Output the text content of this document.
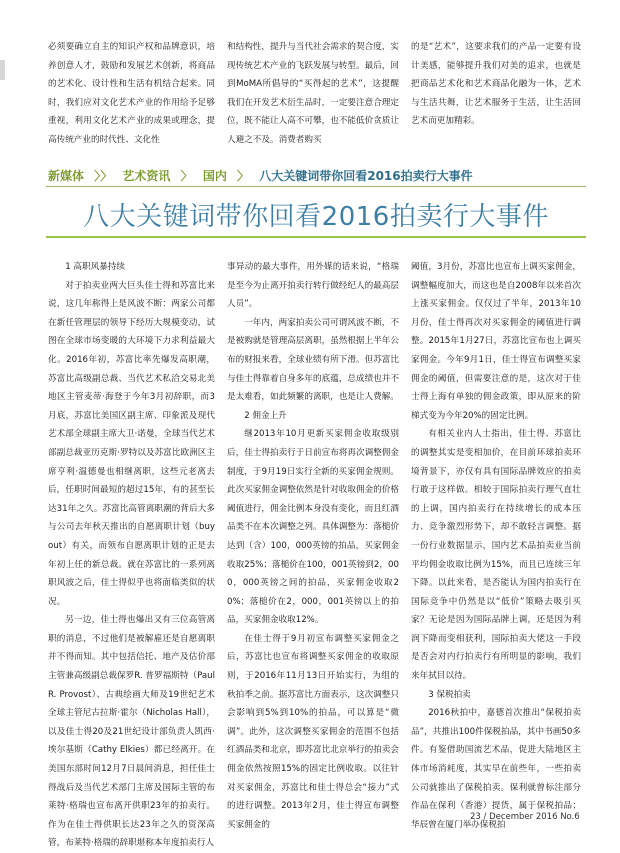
必须要确立自主的知识产权和品牌意识，培养创意人才，鼓励和发展艺术创新，将商品的艺术化、设计性和生活有机结合起来。同时，我们应对文化艺术产业的作用给予足够重视，利用文化艺术产业的成果或理念，提高传统产业的时代性、文化性

和结构性，提升与当代社会需求的契合度，实现传统艺术产业的飞跃发展与转型。最后，回到MoMA所倡导的“买得起的艺术”，这提醒我们在开发艺术衍生品时，一定要注意合理定位，既不能让人高不可攀，也不能低价贪质让人避之不及。消费者购买

的是“艺术”，这要求我们的产品一定要有设计美感，能够提升我们对美的追求，也就是把商品艺术化和艺术商品化融为一体，艺术与生活共舞，让艺术服务于生活，让生活回艺术而更加精彩。

新媒体 〉〉 艺术资讯 〉 国内 〉 八大关键词带你回看2016拍卖行大事件
八大关键词带你回看2016拍卖行大事件
1 高职风暴持续

对于拍卖业两大巨头佳士得和苏富比来说，这几年称得上是风波不断：两家公司都在新任管理层的领导下经历大规模变动，试图在全球市场变暖的大环境下力求利益最大化。2016年初，苏富比率先爆发高职潮，苏富比高级副总裁、当代艺术私洽交易北美地区主管麦蒂·海登于今年3月初辞职，而3月底，苏富比美国区副主席、印象派及现代艺术部全球副主席大卫·诺曼，全球当代艺术部副总裁亚历克斯·罗特以及苏富比欧洲区主席亨利·温德曼也相继离职，这些元老离去后，任职时间最短的超过15年，有的甚至长达31年之久。苏富比高管离职潮的背后大多与公司去年秋天推出的自愿离职计划（buyout）有关，而领布自愿离职计划的正是去年初上任的新总裁。就在苏富比的一系列离职风波之后，佳士得似乎也将面临类似的状况。

另一边，佳士得也爆出又有三位高管离职的消息，不过他们是被解雇还是自愿离职并不得而知。其中包括信托、地产及估价部主管兼高级副总裁保罗R. 普罗福斯特（Paul R. Provost）、古典绘画大师及19世纪艺术全球主管尼古拉斯·霍尔（Nicholas Hall），以及佳士得20及21世纪设计部负责人凯西·埃尔基斯（Cathy Elkies）都已经离开。在美国东部时间12月7日晨间消息，担任佳士得战后及当代艺术部门主席及国际主管的布莱特·格瑞也宣布离开供职23年的拍卖行。作为在佳士得供职长达23年之久的资深高管，布莱特·格瑞的辞职堪称本年度拍卖行人

事异动的最大事件，用外媒的话来说，“格瑞是至今为止离开拍卖行转行做经纪人的最高层人员”。

一年内，两家拍卖公司可谓风波不断，不是被购就是管理高层离职，虽然根据上半年公布的财报来看，全球业绩有所下滑。但苏富比与佳士得靠着自身多年的底蕴，总成绩也并不是太难看，如此频繁的离职，也是让人费解。

2 佣金上升

继2013年10月更新买家佣金收取级别后，佳士得拍卖行于日前宣布将再次调整佣金制度，于9月19日实行全新的买家佣金规则。此次买家佣金调整依然是针对收取佣金的价格阈值进行，佣金比例本身没有变化，而且红酒品类不在本次调整之列。具体调整为：落槌价达到（含）100，000英镑的拍品，买家佣金收取25%；落槌价在100，001英镑到2，000，000英镑之间的拍品，买家佣金收取20%；落槌价在2，000，001英镑以上的拍品，买家佣金收取12%。

在佳士得于9月初宣布调整买家佣金之后，苏富比也宣布将调整买家佣金的收取原则，于2016年11月13日开始实行，为组的秋拍季之前。据苏富比方面表示，这次调整只会影响到5%到10%的拍品，可以算是“微调”。此外，这次调整买家佣金的范围不包括红酒品类和北京，即苏富比北京举行的拍卖会佣金依然按照15%的固定比例收取。以往针对买家佣金，苏富比和佳士得总会“接力”式的进行调整。2013年2月，佳士得宣布调整买家佣金的

阈值，3月份，苏富比也宣布上调买家佣金，调整幅度加大，而这也是自2008年以来首次上涨买家佣金。仅仅过了半年，2013年10月份，佳士得再次对买家佣金的阈值进行调整。2015年1月27日，苏富比宣布也上调买家佣金。今年9月1日，佳士得宣布调整买家佣金的阈值，但需要注意的是，这次对于佳士得上海有单独的佣金政策，即从原来的阶梯式变为今年20%的固定比例。

有相关业内人士指出，佳士得、苏富比的调整其实是变相加价，在目前环球拍卖环境背景下，亦仅有具有国际品牌效应的拍卖行敢于这样做。相较于国际拍卖行理气直壮的上调，国内拍卖行在持续增长的成本压力、竞争激烈形势下，却不敢轻言调整。据一份行业数据显示，国内艺术品拍卖业当前平均佣金收取比例为15%，而且已连续三年下降。以此来看，是否能认为国内拍卖行在国际竞争中仍然是以“低价”策略去吸引买家？无论是因为国际品牌上调，还是因为利润下降而变相获利，国际拍卖大佬这一手段是否会对内行拍卖行有所明显的影响，我们来年拭目以待。

3 保税拍卖

2016秋拍中，嘉德首次推出“保税拍卖品”，共推出100件保税拍品，其中书画50多件。有鉴借助国流艺术品，促进大陆地区主体市场消耗度，其实早在前些年，一些拍卖公司就推出了保税拍卖。保利就曾标注部分作品在保利（香港）提货，属于保税拍品；华辰曾在厦门举办保税拍

23 / December 2016 No.6
